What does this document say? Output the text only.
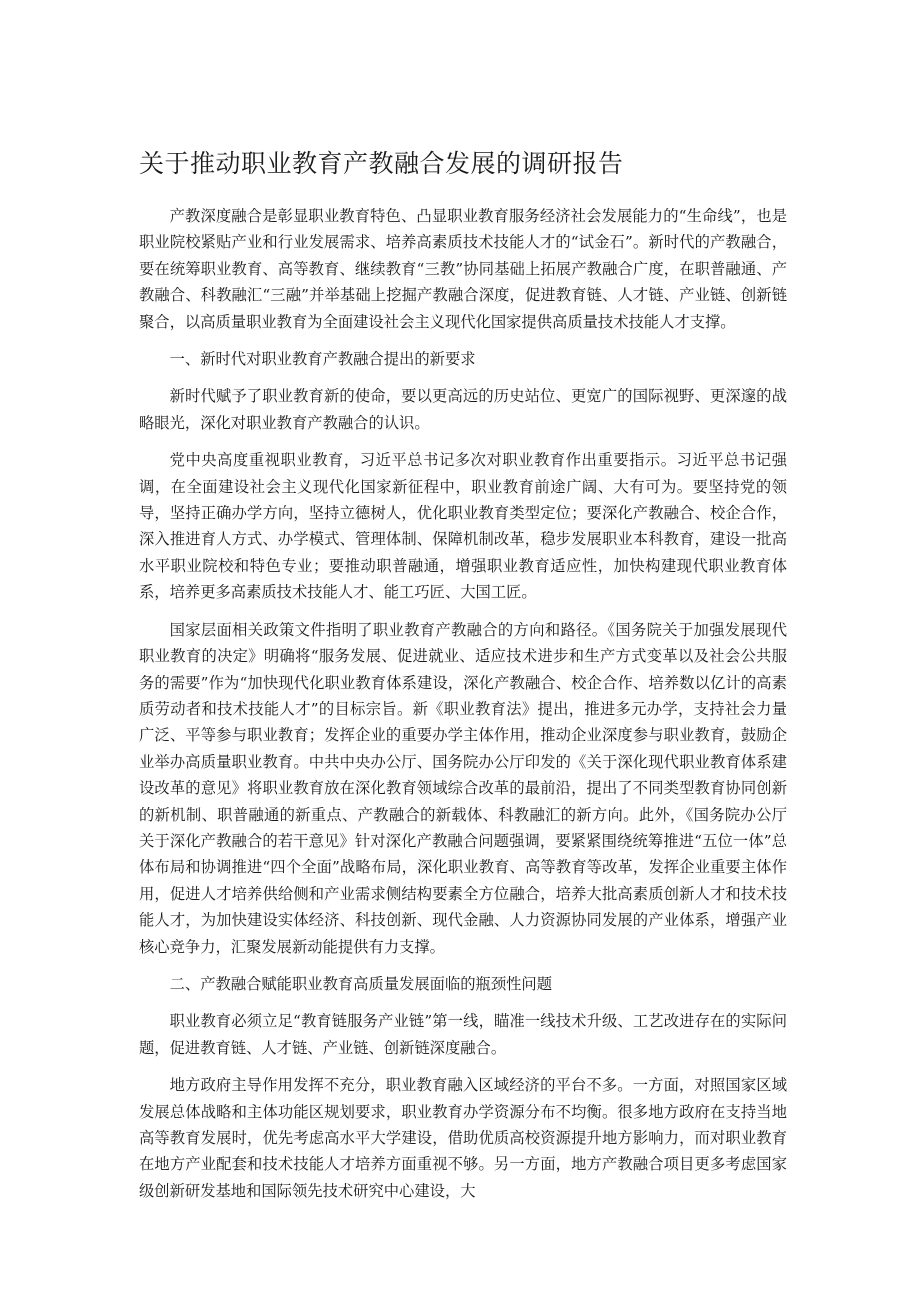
关于推动职业教育产教融合发展的调研报告

产教深度融合是彰显职业教育特色、凸显职业教育服务经济社会发展能力的“生命线”，也是职业院校紧贴产业和行业发展需求、培养高素质技术技能人才的“试金石”。新时代的产教融合，要在统筹职业教育、高等教育、继续教育“三教”协同基础上拓展产教融合广度，在职普融通、产教融合、科教融汇“三融”并举基础上挖掘产教融合深度，促进教育链、人才链、产业链、创新链聚合，以高质量职业教育为全面建设社会主义现代化国家提供高质量技术技能人才支撑。

一、新时代对职业教育产教融合提出的新要求

新时代赋予了职业教育新的使命，要以更高远的历史站位、更宽广的国际视野、更深邃的战略眼光，深化对职业教育产教融合的认识。

党中央高度重视职业教育，习近平总书记多次对职业教育作出重要指示。习近平总书记强调，在全面建设社会主义现代化国家新征程中，职业教育前途广阔、大有可为。要坚持党的领导，坚持正确办学方向，坚持立德树人，优化职业教育类型定位；要深化产教融合、校企合作，深入推进育人方式、办学模式、管理体制、保障机制改革，稳步发展职业本科教育，建设一批高水平职业院校和特色专业；要推动职普融通，增强职业教育适应性，加快构建现代职业教育体系，培养更多高素质技术技能人才、能工巧匠、大国工匠。

国家层面相关政策文件指明了职业教育产教融合的方向和路径。《国务院关于加强发展现代职业教育的决定》明确将“服务发展、促进就业、适应技术进步和生产方式变革以及社会公共服务的需要”作为“加快现代化职业教育体系建设，深化产教融合、校企合作、培养数以亿计的高素质劳动者和技术技能人才”的目标宗旨。新《职业教育法》提出，推进多元办学，支持社会力量广泛、平等参与职业教育；发挥企业的重要办学主体作用，推动企业深度参与职业教育，鼓励企业举办高质量职业教育。中共中央办公厅、国务院办公厅印发的《关于深化现代职业教育体系建设改革的意见》将职业教育放在深化教育领域综合改革的最前沿，提出了不同类型教育协同创新的新机制、职普融通的新重点、产教融合的新载体、科教融汇的新方向。此外，《国务院办公厅关于深化产教融合的若干意见》针对深化产教融合问题强调，要紧紧围绕统筹推进“五位一体”总体布局和协调推进“四个全面”战略布局，深化职业教育、高等教育等改革，发挥企业重要主体作用，促进人才培养供给侧和产业需求侧结构要素全方位融合，培养大批高素质创新人才和技术技能人才，为加快建设实体经济、科技创新、现代金融、人力资源协同发展的产业体系，增强产业核心竞争力，汇聚发展新动能提供有力支撑。

二、产教融合赋能职业教育高质量发展面临的瓶颈性问题

职业教育必须立足“教育链服务产业链”第一线，瞄准一线技术升级、工艺改进存在的实际问题，促进教育链、人才链、产业链、创新链深度融合。

地方政府主导作用发挥不充分，职业教育融入区域经济的平台不多。一方面，对照国家区域发展总体战略和主体功能区规划要求，职业教育办学资源分布不均衡。很多地方政府在支持当地高等教育发展时，优先考虑高水平大学建设，借助优质高校资源提升地方影响力，而对职业教育在地方产业配套和技术技能人才培养方面重视不够。另一方面，地方产教融合项目更多考虑国家级创新研发基地和国际领先技术研究中心建设，大
